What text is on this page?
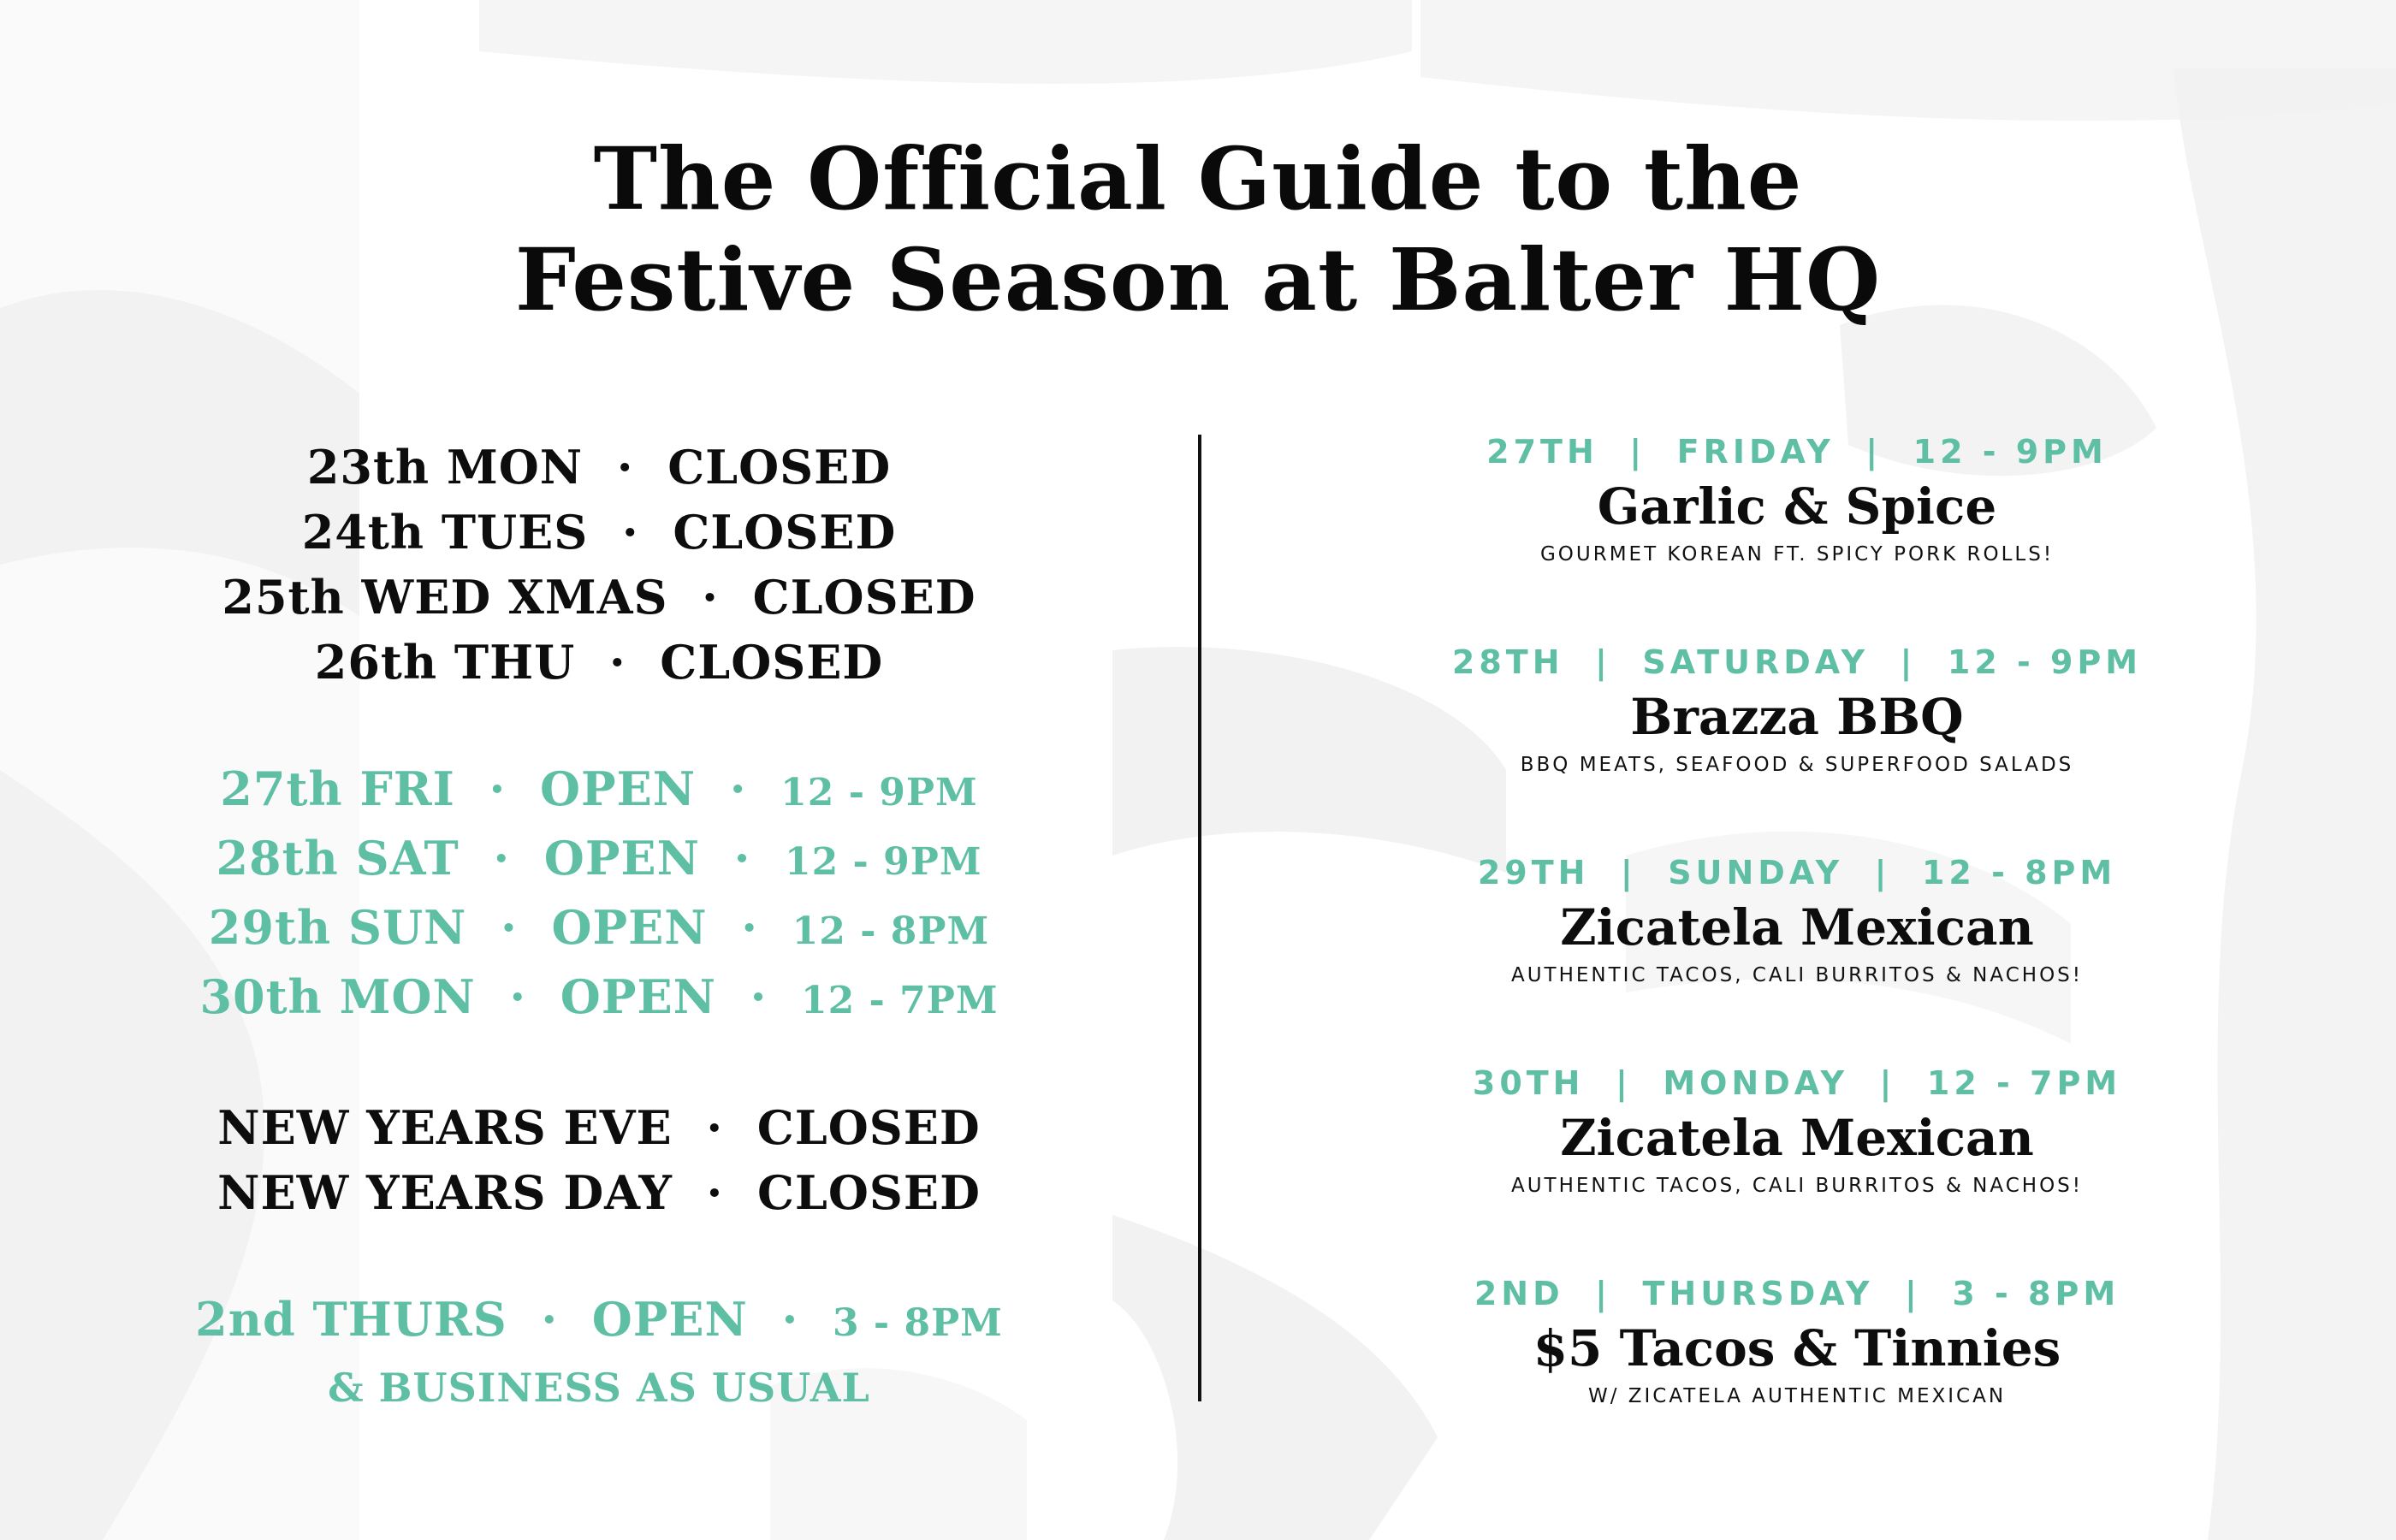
The Official Guide to the
Festive Season at Balter HQ
23th MON · CLOSED
24th TUES · CLOSED
25th WED XMAS · CLOSED
26th THU · CLOSED
27th FRI · OPEN · 12 - 9PM
28th SAT · OPEN · 12 - 9PM
29th SUN · OPEN · 12 - 8PM
30th MON · OPEN · 12 - 7PM
NEW YEARS EVE · CLOSED
NEW YEARS DAY · CLOSED
2nd THURS · OPEN · 3 - 8PM
& BUSINESS AS USUAL
27TH | FRIDAY | 12 - 9PM
Garlic & Spice
GOURMET KOREAN FT. SPICY PORK ROLLS!
28TH | SATURDAY | 12 - 9PM
Brazza BBQ
BBQ MEATS, SEAFOOD & SUPERFOOD SALADS
29TH | SUNDAY | 12 - 8PM
Zicatela Mexican
AUTHENTIC TACOS, CALI BURRITOS & NACHOS!
30TH | MONDAY | 12 - 7PM
Zicatela Mexican
AUTHENTIC TACOS, CALI BURRITOS & NACHOS!
2ND | THURSDAY | 3 - 8PM
$5 Tacos & Tinnies
W/ ZICATELA AUTHENTIC MEXICAN
